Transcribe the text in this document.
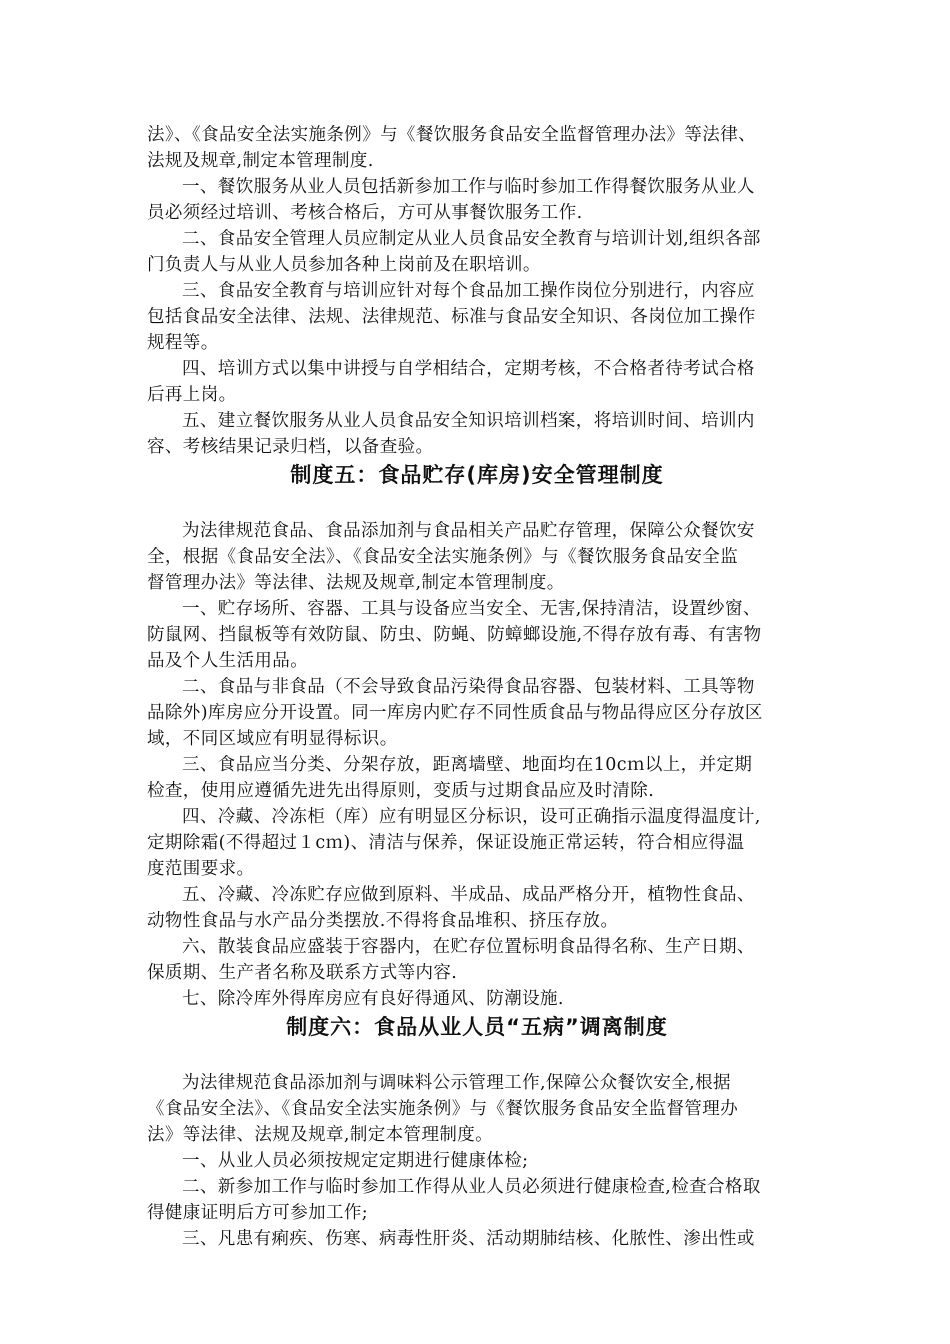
法》、《食品安全法实施条例》与《餐饮服务食品安全监督管理办法》等法律、
法规及规章,制定本管理制度.
一、餐饮服务从业人员包括新参加工作与临时参加工作得餐饮服务从业人
员必须经过培训、考核合格后，方可从事餐饮服务工作.
二、食品安全管理人员应制定从业人员食品安全教育与培训计划,组织各部
门负责人与从业人员参加各种上岗前及在职培训。
三、食品安全教育与培训应针对每个食品加工操作岗位分别进行，内容应
包括食品安全法律、法规、法律规范、标准与食品安全知识、各岗位加工操作
规程等。
四、培训方式以集中讲授与自学相结合，定期考核，不合格者待考试合格
后再上岗。
五、建立餐饮服务从业人员食品安全知识培训档案，将培训时间、培训内
容、考核结果记录归档，以备查验。
制度五：食品贮存(库房)安全管理制度
为法律规范食品、食品添加剂与食品相关产品贮存管理，保障公众餐饮安
全，根据《食品安全法》、《食品安全法实施条例》与《餐饮服务食品安全监
督管理办法》等法律、法规及规章,制定本管理制度。
一、贮存场所、容器、工具与设备应当安全、无害,保持清洁，设置纱窗、
防鼠网、挡鼠板等有效防鼠、防虫、防蝇、防蟑螂设施,不得存放有毒、有害物
品及个人生活用品。
二、食品与非食品（不会导致食品污染得食品容器、包装材料、工具等物
品除外)库房应分开设置。同一库房内贮存不同性质食品与物品得应区分存放区
域，不同区域应有明显得标识。
三、食品应当分类、分架存放，距离墙壁、地面均在10cｍ以上，并定期
检查，使用应遵循先进先出得原则，变质与过期食品应及时清除.
四、冷藏、冷冻柜（库）应有明显区分标识，设可正确指示温度得温度计,
定期除霜(不得超过１cｍ)、清洁与保养，保证设施正常运转，符合相应得温
度范围要求。
五、冷藏、冷冻贮存应做到原料、半成品、成品严格分开，植物性食品、
动物性食品与水产品分类摆放.不得将食品堆积、挤压存放。
六、散装食品应盛装于容器内，在贮存位置标明食品得名称、生产日期、
保质期、生产者名称及联系方式等内容.
七、除冷库外得库房应有良好得通风、防潮设施.
制度六：食品从业人员“五病”调离制度
为法律规范食品添加剂与调味料公示管理工作,保障公众餐饮安全,根据
《食品安全法》、《食品安全法实施条例》与《餐饮服务食品安全监督管理办
法》等法律、法规及规章,制定本管理制度。
一、从业人员必须按规定定期进行健康体检;
二、新参加工作与临时参加工作得从业人员必须进行健康检查,检查合格取
得健康证明后方可参加工作;
三、凡患有痢疾、伤寒、病毒性肝炎、活动期肺结核、化脓性、渗出性或
